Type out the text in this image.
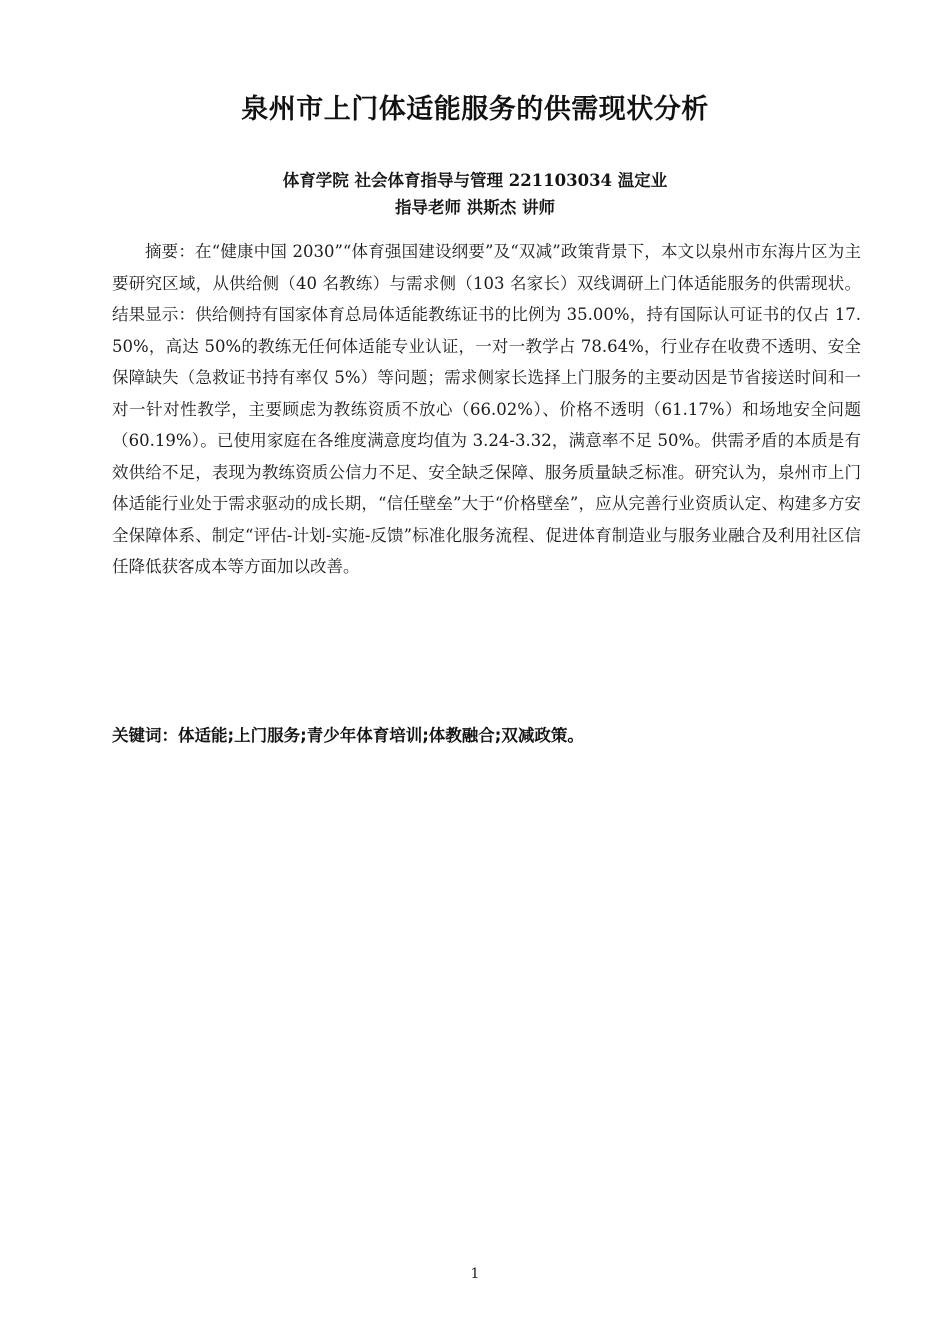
泉州市上门体适能服务的供需现状分析
体育学院 社会体育指导与管理 221103034 温定业
指导老师 洪斯杰 讲师

摘要：在“健康中国 2030”“体育强国建设纲要”及“双减”政策背景下，本文以泉州市东海片区为主要研究区域，从供给侧（40 名教练）与需求侧（103 名家长）双线调研上门体适能服务的供需现状。结果显示：供给侧持有国家体育总局体适能教练证书的比例为 35.00%，持有国际认可证书的仅占 17.50%，高达 50%的教练无任何体适能专业认证，一对一教学占 78.64%，行业存在收费不透明、安全保障缺失（急救证书持有率仅 5%）等问题；需求侧家长选择上门服务的主要动因是节省接送时间和一对一针对性教学，主要顾虑为教练资质不放心（66.02%）、价格不透明（61.17%）和场地安全问题（60.19%）。已使用家庭在各维度满意度均值为 3.24-3.32，满意率不足 50%。供需矛盾的本质是有效供给不足，表现为教练资质公信力不足、安全缺乏保障、服务质量缺乏标准。研究认为，泉州市上门体适能行业处于需求驱动的成长期，“信任壁垒”大于“价格壁垒”，应从完善行业资质认定、构建多方安全保障体系、制定“评估-计划-实施-反馈”标准化服务流程、促进体育制造业与服务业融合及利用社区信任降低获客成本等方面加以改善。

关键词：体适能;上门服务;青少年体育培训;体教融合;双减政策。
1
